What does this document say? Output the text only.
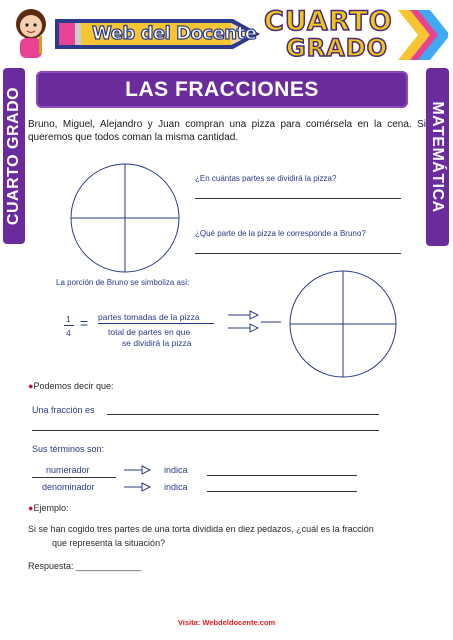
Web del Docente CUARTO
GRADO
LAS FRACCIONES
CUARTO GRADO	MATEMÁTICA
Bruno, Miguel, Alejandro y Juan compran una pizza para comérsela en la cena. Si queremos que todos coman la misma cantidad.
¿En cuántas partes se dividirá la pizza?
¿Qué parte de la pizza le corresponde a Bruno?
La porción de Bruno se simboliza así:
1
4
= partes tomadas de la pizza
total de partes en que
se dividirá la pizza
●Podemos decir que:
Una fracción es
Sus términos son:
numerador	indica
denominador	indica
●Ejemplo:
Si se han cogido tres partes de una torta dividida en diez pedazos, ¿cuál es la fracción
que representa la situación?
Respuesta: _____________
Visita: Webdeldocente.com
